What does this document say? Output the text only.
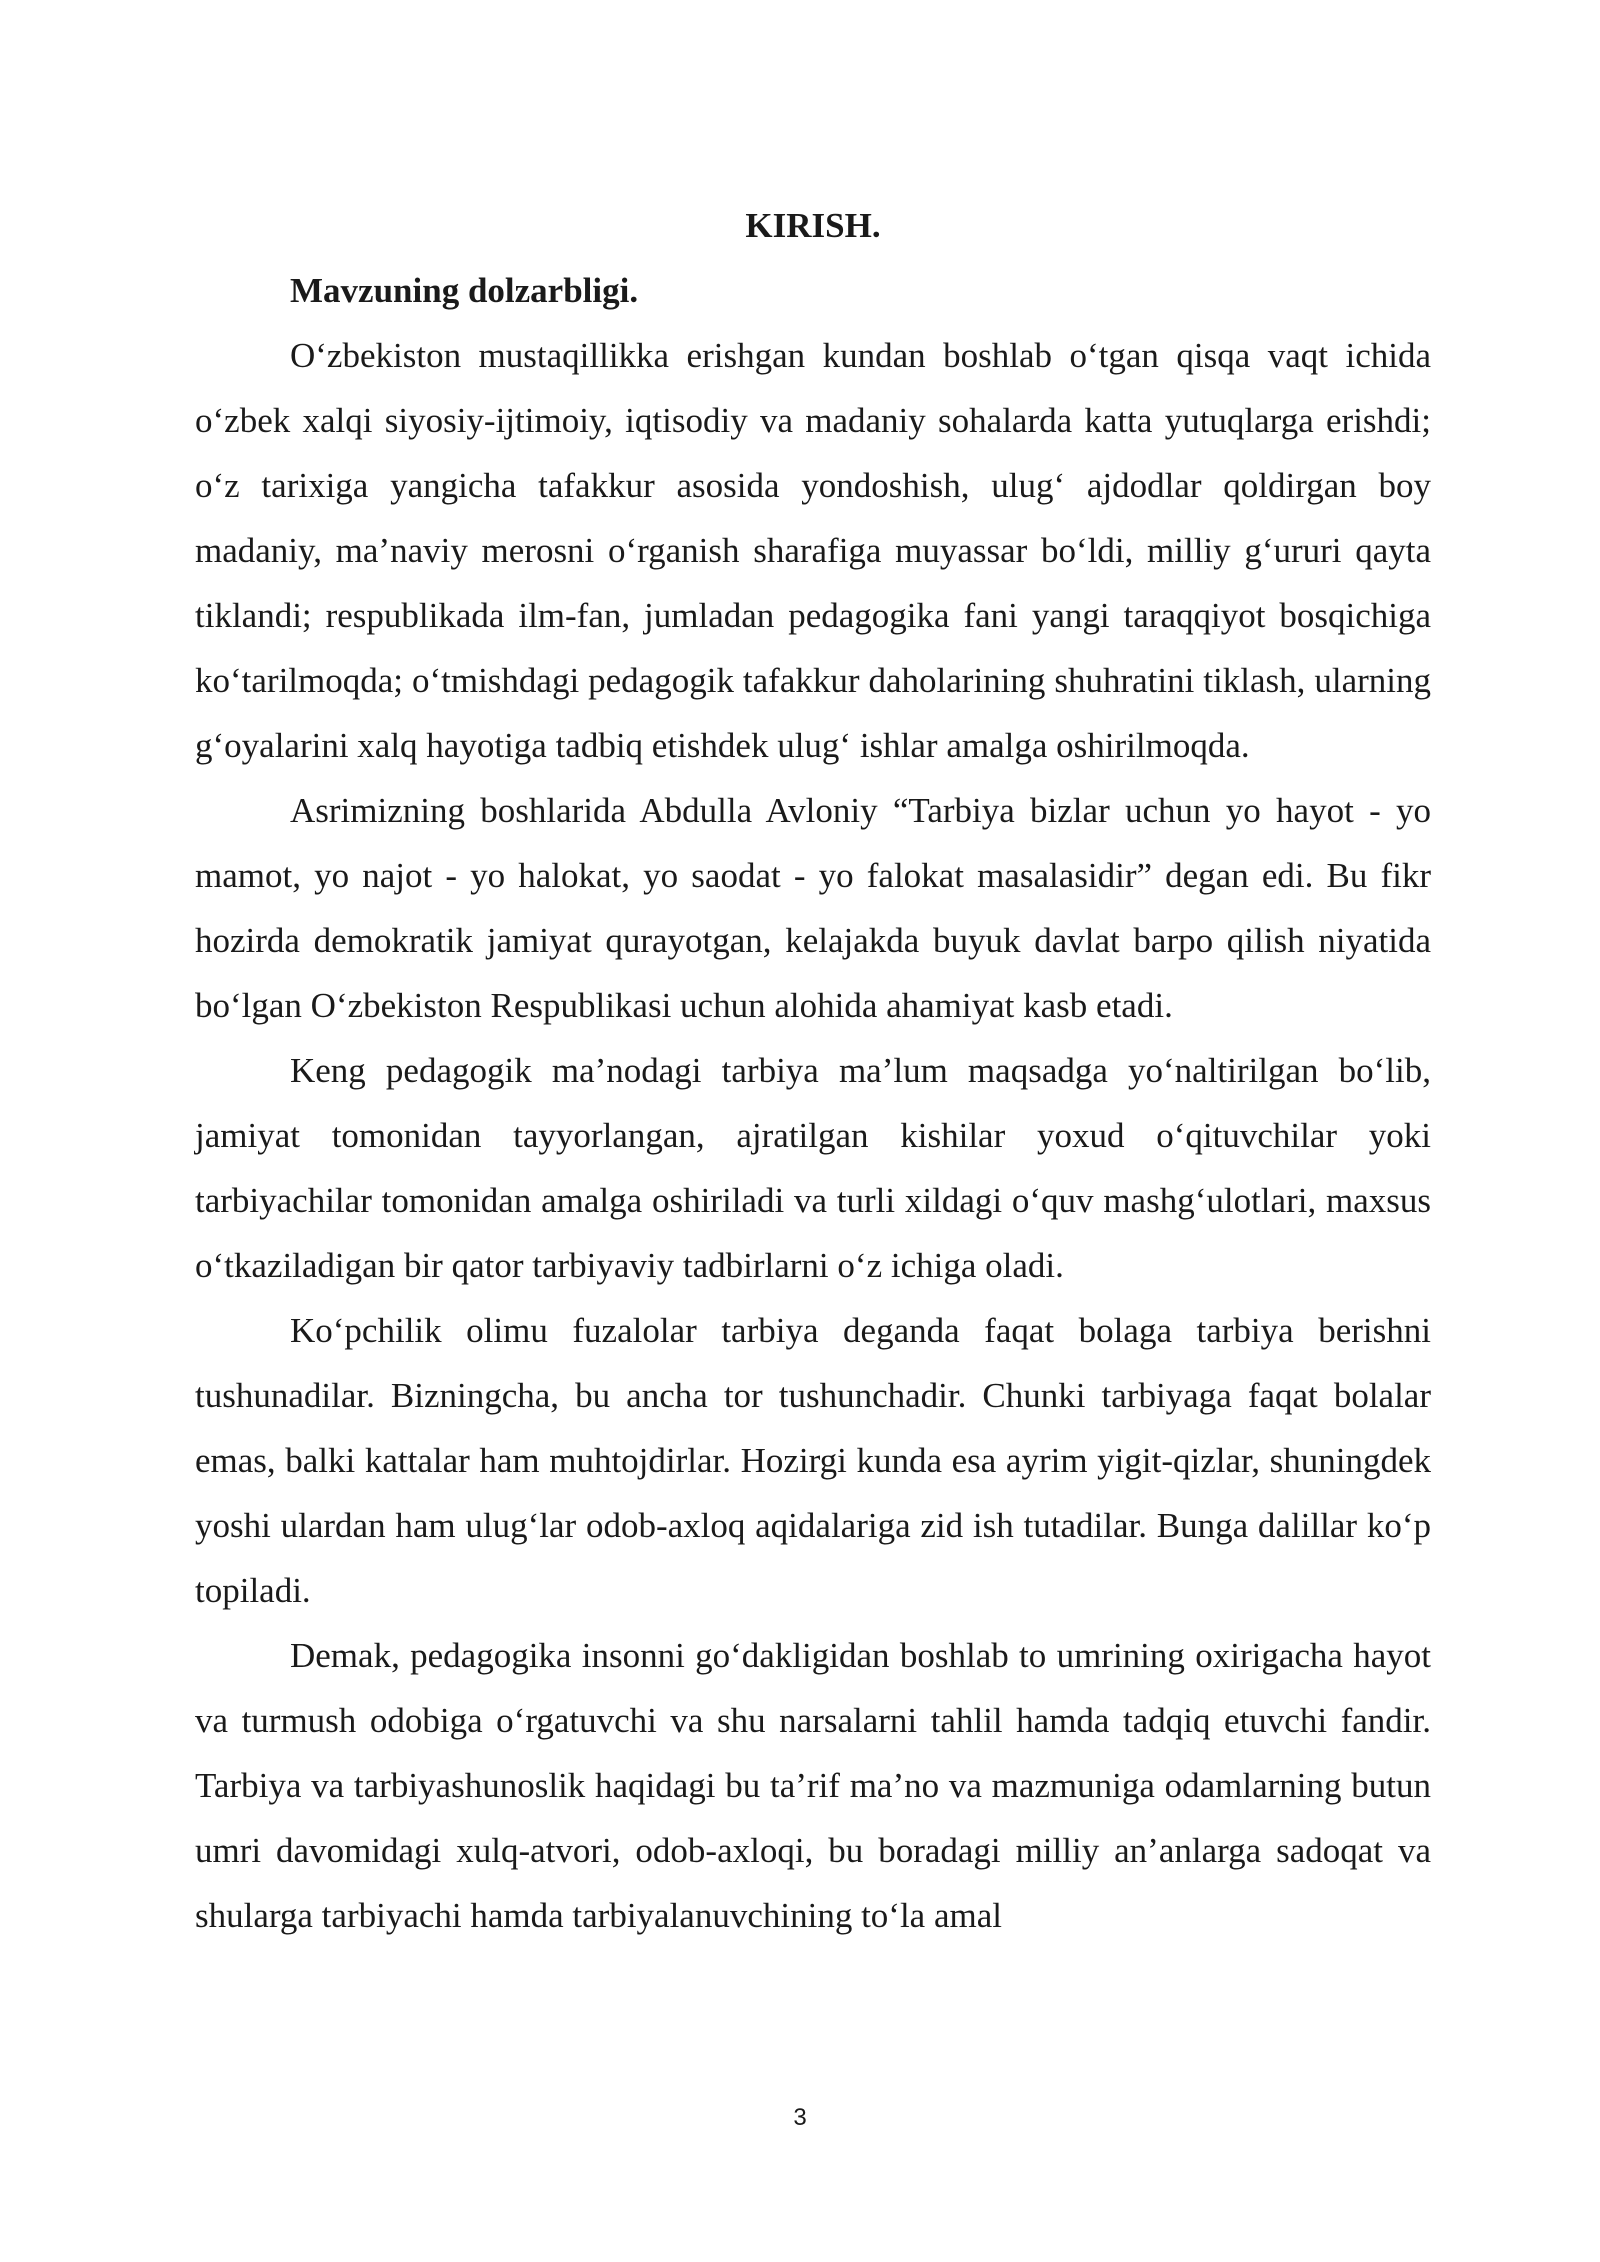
KIRISH.

Mavzuning dolzarbligi.

O‘zbekiston mustaqillikka erishgan kundan boshlab o‘tgan qisqa vaqt ichida o‘zbek xalqi siyosiy-ijtimoiy, iqtisodiy va madaniy sohalarda katta yutuqlarga erishdi; o‘z tarixiga yangicha tafakkur asosida yondoshish, ulug‘ ajdodlar qoldirgan boy madaniy, ma’naviy merosni o‘rganish sharafiga muyassar bo‘ldi, milliy g‘ururi qayta tiklandi; respublikada ilm-fan, jumladan pedagogika fani yangi taraqqiyot bosqichiga ko‘tarilmoqda; o‘tmishdagi pedagogik tafakkur daholarining shuhratini tiklash, ularning g‘oyalarini xalq hayotiga tadbiq etishdek ulug‘ ishlar amalga oshirilmoqda.

Asrimizning boshlarida Abdulla Avloniy “Tarbiya bizlar uchun yo hayot - yo mamot, yo najot - yo halokat, yo saodat - yo falokat masalasidir” degan edi. Bu fikr hozirda demokratik jamiyat qurayotgan, kelajakda buyuk davlat barpo qilish niyatida bo‘lgan O‘zbekiston Respublikasi uchun alohida ahamiyat kasb etadi.

Keng pedagogik ma’nodagi tarbiya ma’lum maqsadga yo‘naltirilgan bo‘lib, jamiyat tomonidan tayyorlangan, ajratilgan kishilar yoxud o‘qituvchilar yoki tarbiyachilar tomonidan amalga oshiriladi va turli xildagi o‘quv mashg‘ulotlari, maxsus o‘tkaziladigan bir qator tarbiyaviy tadbirlarni o‘z ichiga oladi.

Ko‘pchilik olimu fuzalolar tarbiya deganda faqat bolaga tarbiya berishni tushunadilar. Bizningcha, bu ancha tor tushunchadir. Chunki tarbiyaga faqat bolalar emas, balki kattalar ham muhtojdirlar. Hozirgi kunda esa ayrim yigit-qizlar, shuningdek yoshi ulardan ham ulug‘lar odob-axloq aqidalariga zid ish tutadilar. Bunga dalillar ko‘p topiladi.

Demak, pedagogika insonni go‘dakligidan boshlab to umrining oxirigacha hayot va turmush odobiga o‘rgatuvchi va shu narsalarni tahlil hamda tadqiq etuvchi fandir. Tarbiya va tarbiyashunoslik haqidagi bu ta’rif ma’no va mazmuniga odamlarning butun umri davomidagi xulq-atvori, odob-axloqi, bu boradagi milliy an’anlarga sadoqat va shularga tarbiyachi hamda tarbiyalanuvchining to‘la amal

3
